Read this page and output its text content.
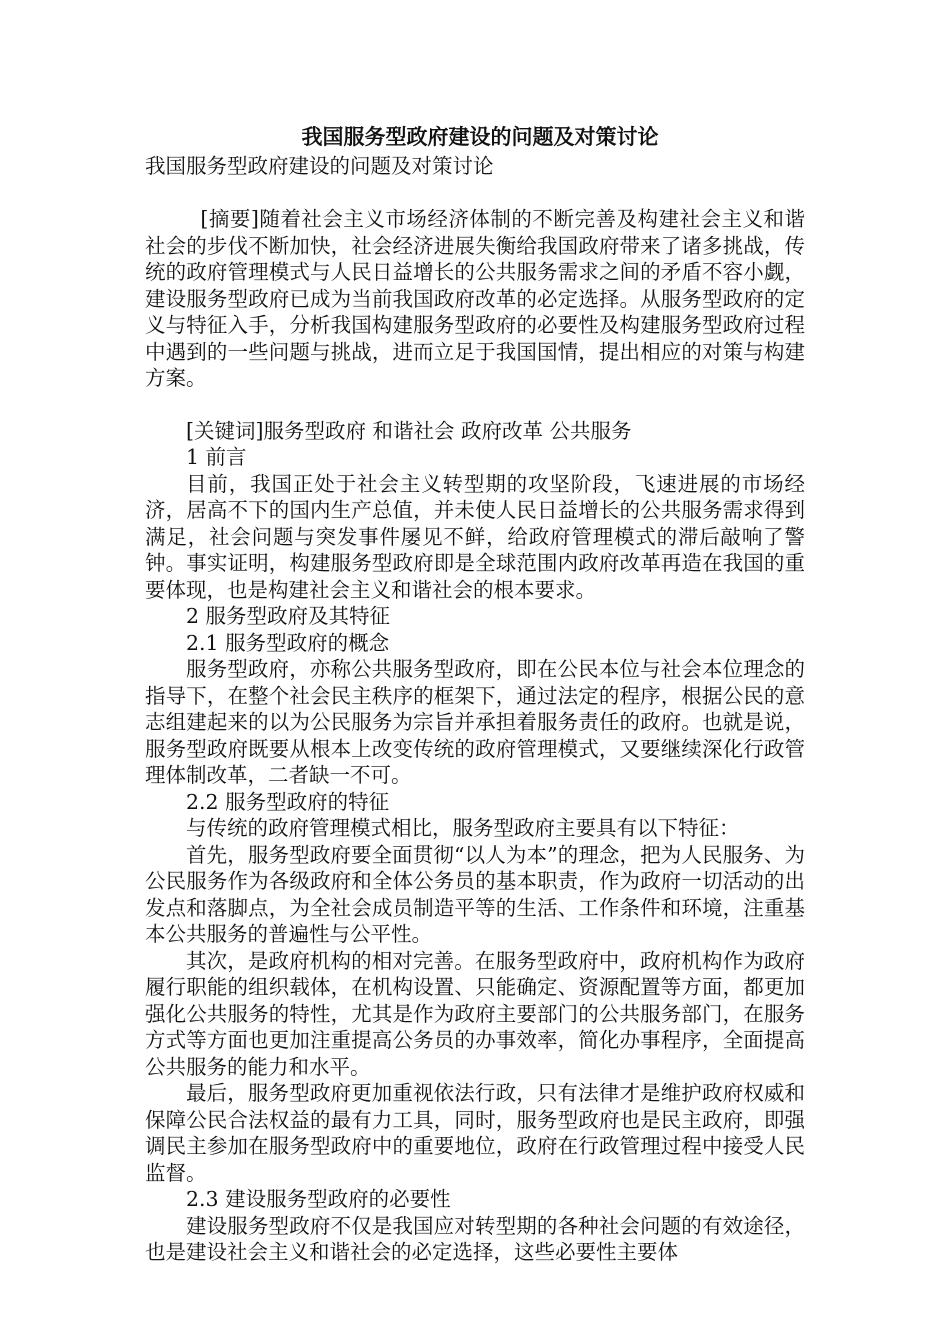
我国服务型政府建设的问题及对策讨论

我国服务型政府建设的问题及对策讨论

[摘要]随着社会主义市场经济体制的不断完善及构建社会主义和谐社会的步伐不断加快，社会经济进展失衡给我国政府带来了诸多挑战，传统的政府管理模式与人民日益增长的公共服务需求之间的矛盾不容小觑，建设服务型政府已成为当前我国政府改革的必定选择。从服务型政府的定义与特征入手，分析我国构建服务型政府的必要性及构建服务型政府过程中遇到的一些问题与挑战，进而立足于我国国情，提出相应的对策与构建方案。

[关键词]服务型政府 和谐社会 政府改革 公共服务

1 前言

目前，我国正处于社会主义转型期的攻坚阶段，飞速进展的市场经济，居高不下的国内生产总值，并未使人民日益增长的公共服务需求得到满足，社会问题与突发事件屡见不鲜，给政府管理模式的滞后敲响了警钟。事实证明，构建服务型政府即是全球范围内政府改革再造在我国的重要体现，也是构建社会主义和谐社会的根本要求。

2 服务型政府及其特征

2.1 服务型政府的概念

服务型政府，亦称公共服务型政府，即在公民本位与社会本位理念的指导下，在整个社会民主秩序的框架下，通过法定的程序，根据公民的意志组建起来的以为公民服务为宗旨并承担着服务责任的政府。也就是说，服务型政府既要从根本上改变传统的政府管理模式，又要继续深化行政管理体制改革，二者缺一不可。

2.2 服务型政府的特征

与传统的政府管理模式相比，服务型政府主要具有以下特征：

首先，服务型政府要全面贯彻“以人为本”的理念，把为人民服务、为公民服务作为各级政府和全体公务员的基本职责，作为政府一切活动的出发点和落脚点，为全社会成员制造平等的生活、工作条件和环境，注重基本公共服务的普遍性与公平性。

其次，是政府机构的相对完善。在服务型政府中，政府机构作为政府履行职能的组织载体，在机构设置、只能确定、资源配置等方面，都更加强化公共服务的特性，尤其是作为政府主要部门的公共服务部门，在服务方式等方面也更加注重提高公务员的办事效率，简化办事程序，全面提高公共服务的能力和水平。

最后，服务型政府更加重视依法行政，只有法律才是维护政府权威和保障公民合法权益的最有力工具，同时，服务型政府也是民主政府，即强调民主参加在服务型政府中的重要地位，政府在行政管理过程中接受人民监督。

2.3 建设服务型政府的必要性

建设服务型政府不仅是我国应对转型期的各种社会问题的有效途径，也是建设社会主义和谐社会的必定选择，这些必要性主要体
